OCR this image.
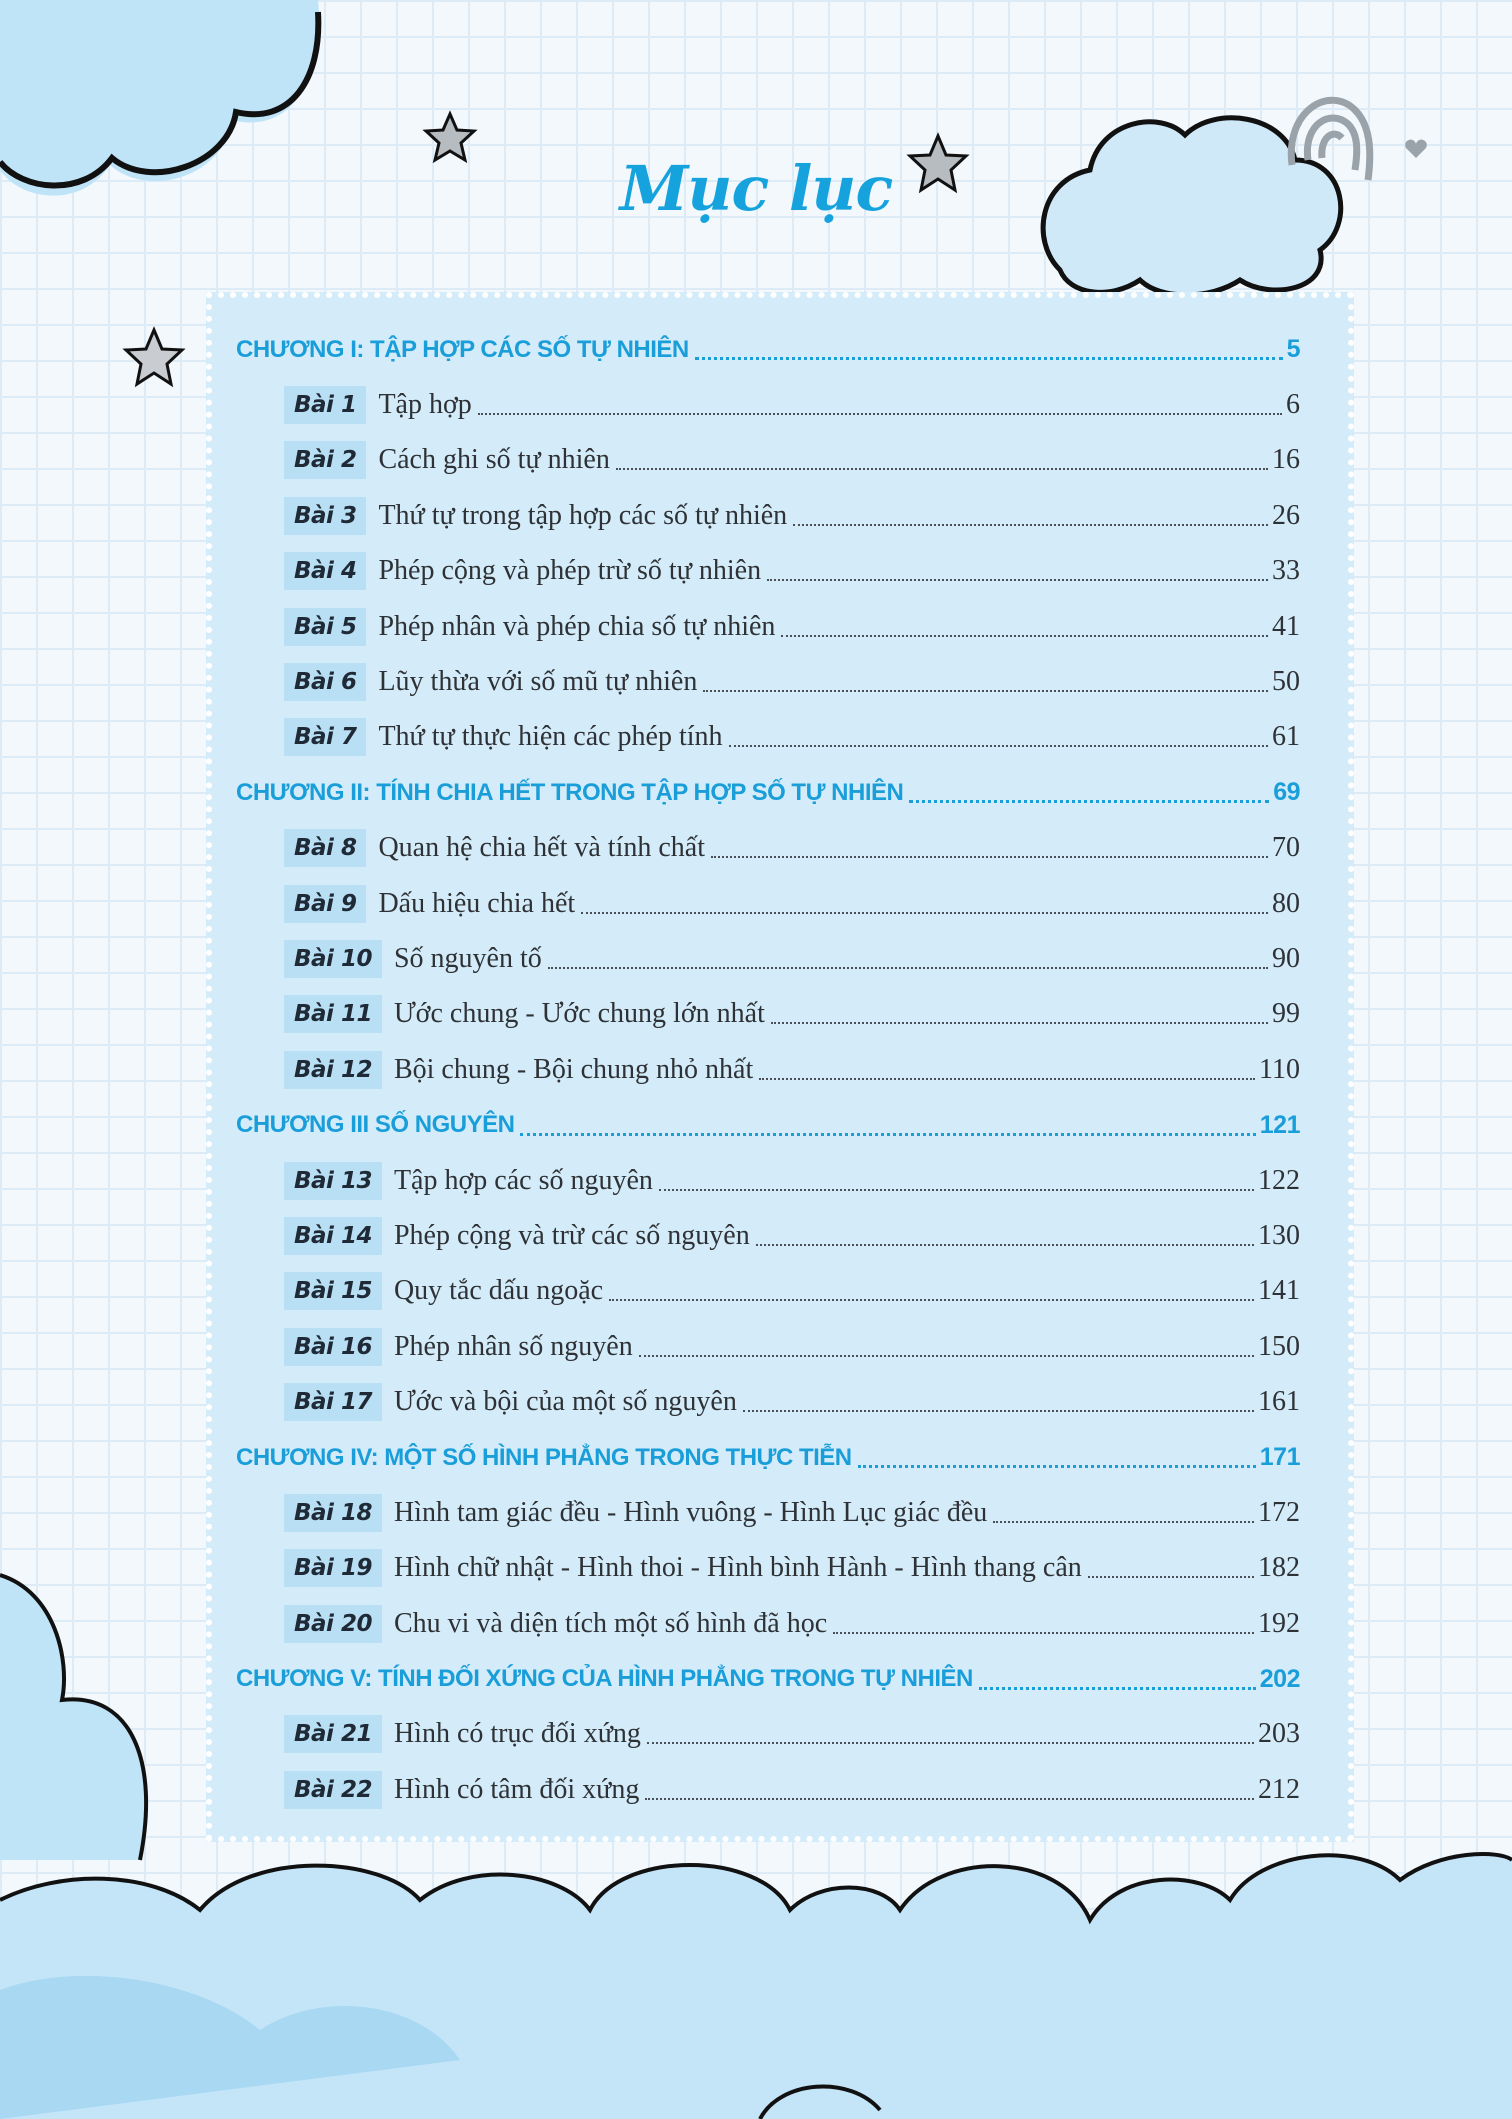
Mục lục
CHƯƠNG I: TẬP HỢP CÁC SỐ TỰ NHIÊN	5
Bài 1 Tập hợp	6
Bài 2 Cách ghi số tự nhiên	16
Bài 3 Thứ tự trong tập hợp các số tự nhiên	26
Bài 4 Phép cộng và phép trừ số tự nhiên	33
Bài 5 Phép nhân và phép chia số tự nhiên	41
Bài 6 Lũy thừa với số mũ tự nhiên	50
Bài 7 Thứ tự thực hiện các phép tính	61
CHƯƠNG II: TÍNH CHIA HẾT TRONG TẬP HỢP SỐ TỰ NHIÊN	69
Bài 8 Quan hệ chia hết và tính chất	70
Bài 9 Dấu hiệu chia hết	80
Bài 10 Số nguyên tố	90
Bài 11 Ước chung - Ước chung lớn nhất	99
Bài 12 Bội chung - Bội chung nhỏ nhất	110
CHƯƠNG III SỐ NGUYÊN	121
Bài 13 Tập hợp các số nguyên	122
Bài 14 Phép cộng và trừ các số nguyên	130
Bài 15 Quy tắc dấu ngoặc	141
Bài 16 Phép nhân số nguyên	150
Bài 17 Ước và bội của một số nguyên	161
CHƯƠNG IV: MỘT SỐ HÌNH PHẲNG TRONG THỰC TIỄN	171
Bài 18 Hình tam giác đều - Hình vuông - Hình Lục giác đều	172
Bài 19 Hình chữ nhật - Hình thoi - Hình bình Hành - Hình thang cân	182
Bài 20 Chu vi và diện tích một số hình đã học	192
CHƯƠNG V: TÍNH ĐỐI XỨNG CỦA HÌNH PHẲNG TRONG TỰ NHIÊN	202
Bài 21 Hình có trục đối xứng	203
Bài 22 Hình có tâm đối xứng	212
